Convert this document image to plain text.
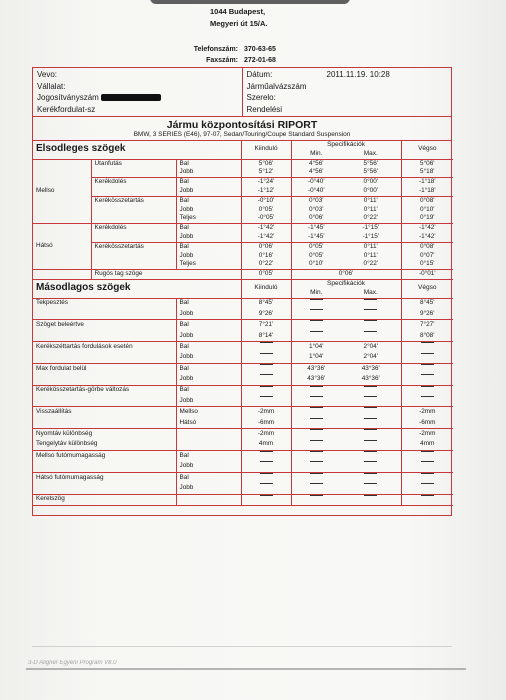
1044 Budapest,
Megyeri út 15/A.
Telefonszám: 370-63-65
Faxszám: 272-01-68
Vevo:
Vállalat:
Jogosítványszám
Kerékfordulat-sz
Dátum:	2011.11.19. 10:28
Járműalvázszám
Szerelo:
Rendelési
Jármu központosítási RIPORT
BMW, 3 SERIES (E46), 97-07, Sedan/Touring/Coupe Standard Suspension
Elsodleges szögek			Kiinduló	Specifikációk		Végso
				Min.	Max.	
Mellso	Utanfutás	Bal	5°06'	4°56'	5°56'	5°06'
		Jobb	5°12'	4°56'	5°56'	5°18'
	Kerékdolés	Bal	-1°24'	-0°40'	0°00'	-1°18'
		Jobb	-1°12'	-0°40'	0°00'	-1°18'
	Kerékösszetartás	Bal	-0°10'	0°03'	0°11'	0°08'
		Jobb	0°05'	0°03'	0°11'	0°10'
		Teljes	-0°05'	0°06'	0°22'	0°19'
Hátsó	Kerékdolés	Bal	-1°42'	-1°45'	-1°15'	-1°42'
		Jobb	-1°42'	-1°45'	-1°15'	-1°42'
	Kerékösszetartás	Bal	0°06'	0°05'	0°11'	0°08'
		Jobb	0°16'	0°05'	0°11'	0°07'
		Teljes	0°22'	0°10'	0°22'	0°15'
	Rugós tag szöge		0°05'	0°06'		-0°01'
Másodlagos szögek		Kiinduló	Specifikációk		Végso
			Min.	Max.	
Tekpesztés	Bal	8°45'			8°45'
	Jobb	9°26'			9°26'
Szöget beleértve	Bal	7°21'			7°27'
	Jobb	8°14'			8°08'
Kerékszéttartás fordulások esetén	Bal		1°04'	2°04'	
	Jobb		1°04'	2°04'	
Max fordulat belül	Bal		43°36'	43°36'	
	Jobb		43°36'	43°36'	
Kerékösszetartás-görbe változás	Bal				
	Jobb				
Visszaállítás	Mellso	-2mm			-2mm
	Hátsó	-6mm			-6mm
Nyomtáv különbség		-2mm			-2mm
Tengelytáv különbség		4mm			4mm
Mellso futómumagasság	Bal				
	Jobb				
Hátsó futómumagasság	Bal				
	Jobb				
Keretszög					

3-D Aligner Egyéni Program V8.0
